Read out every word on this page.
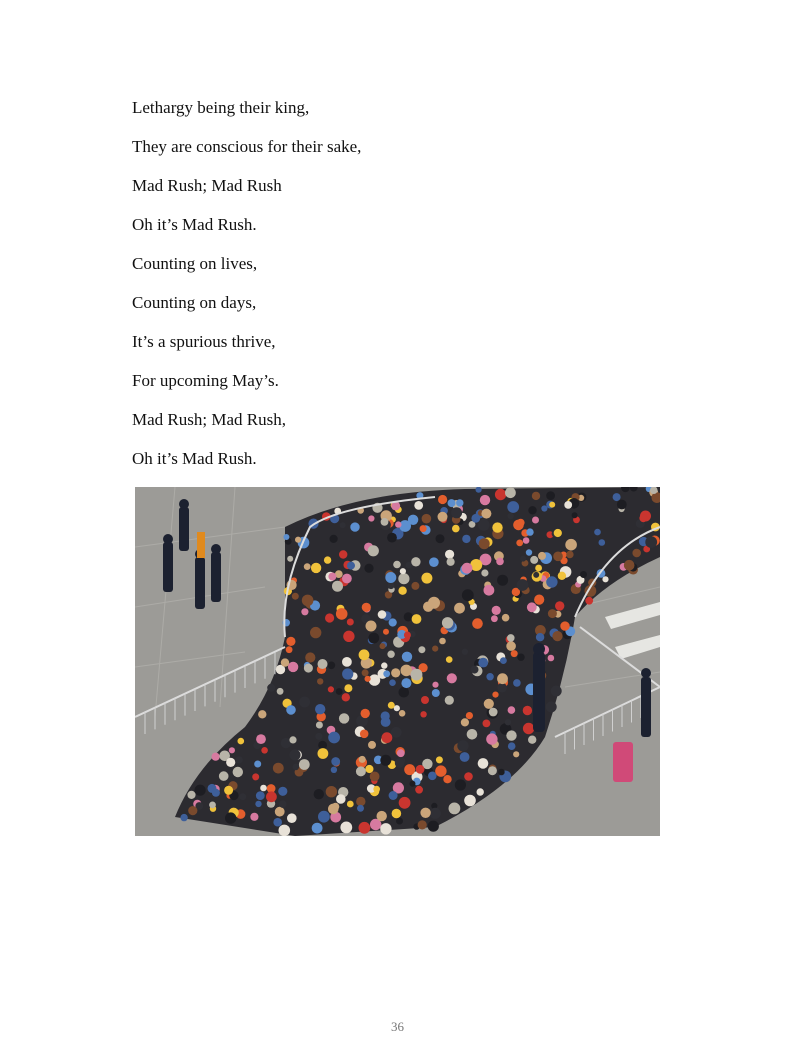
Lethargy being their king,
They are conscious for their sake,
Mad Rush; Mad Rush
Oh it’s Mad Rush.
Counting on lives,
Counting on days,
It’s a spurious thrive,
For upcoming May’s.
Mad Rush; Mad Rush,
Oh it’s Mad Rush.
36
